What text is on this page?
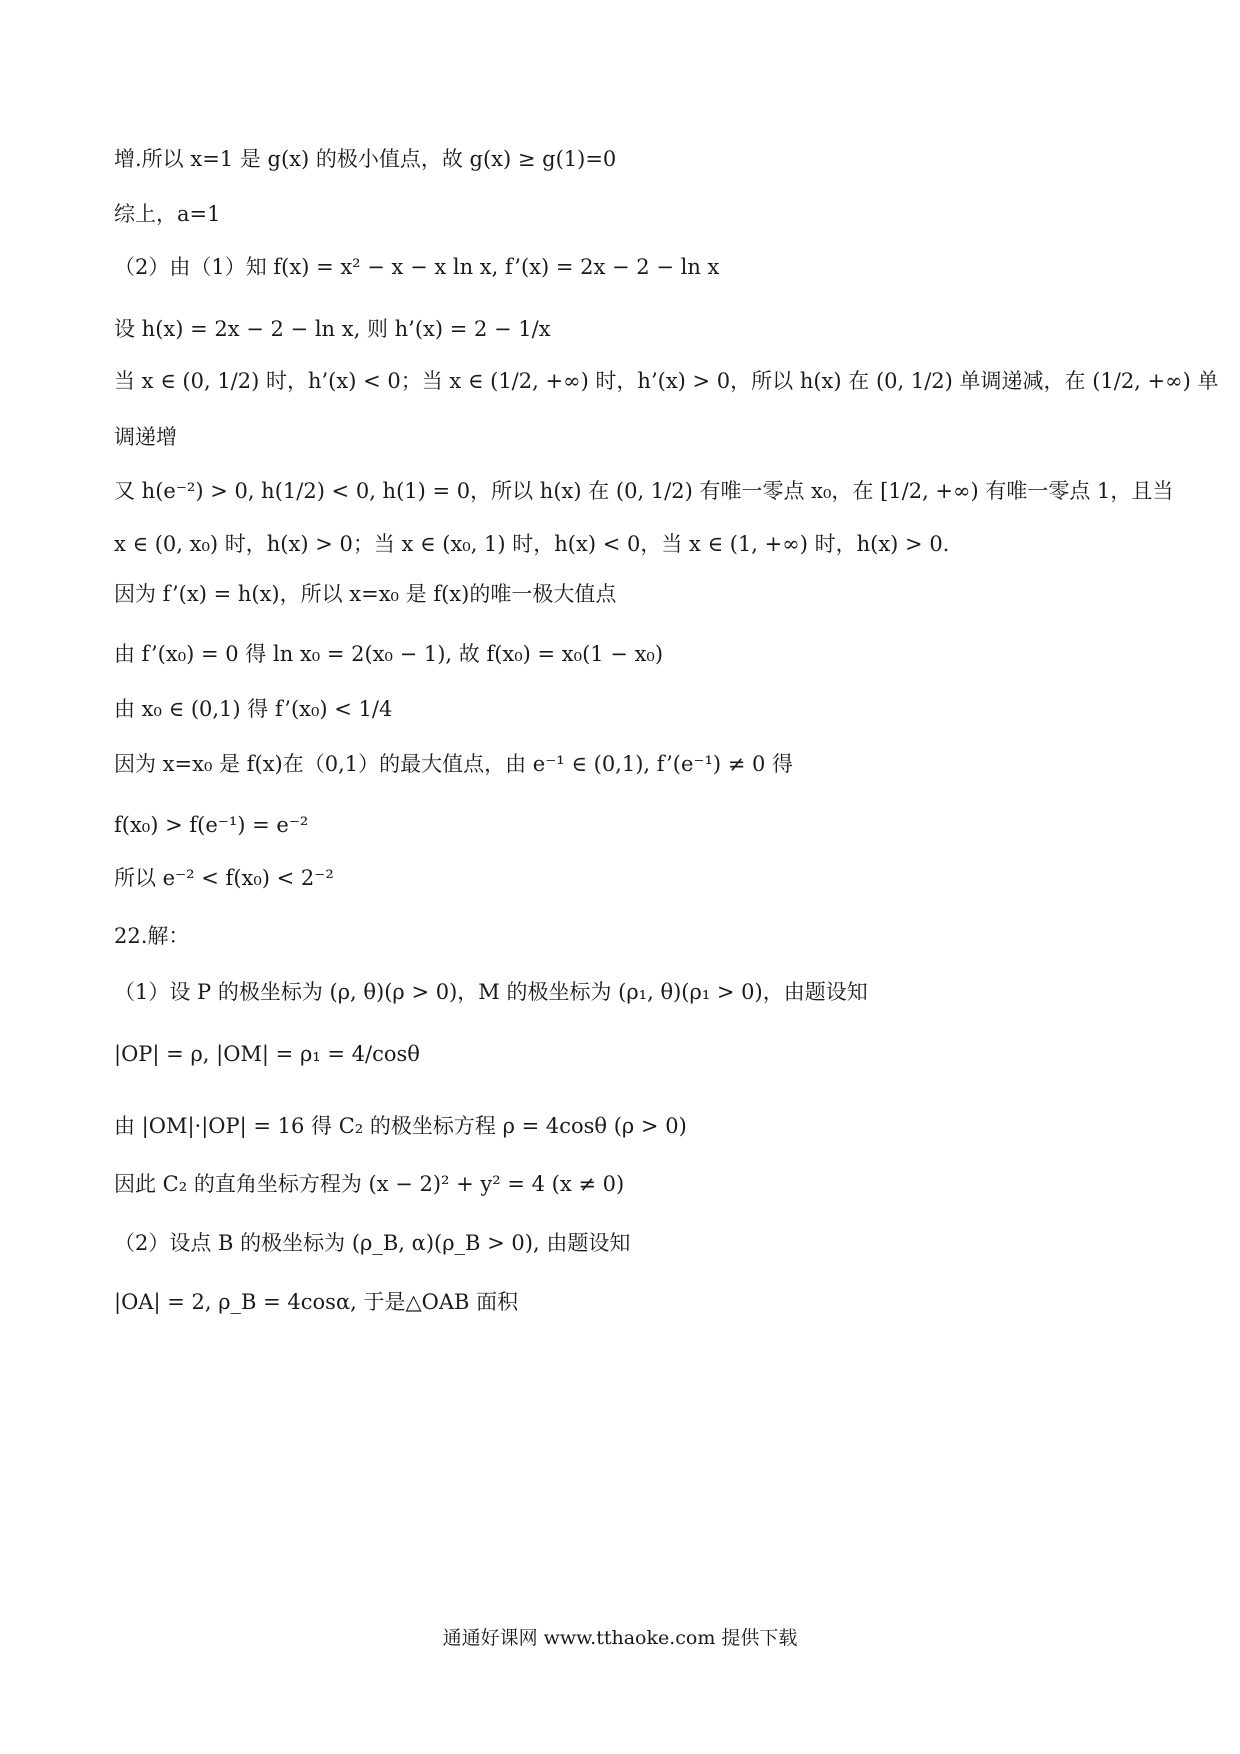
增.所以 x=1 是 g(x) 的极小值点，故 g(x) ≥ g(1)=0
综上，a=1
（2）由（1）知 f(x) = x² − x − x ln x, f’(x) = 2x − 2 − ln x
设 h(x) = 2x − 2 − ln x, 则 h’(x) = 2 − 1/x
当 x ∈ (0, 1/2) 时，h’(x) < 0；当 x ∈ (1/2, +∞) 时，h’(x) > 0，所以 h(x) 在 (0, 1/2) 单调递减，在 (1/2, +∞) 单
调递增
又 h(e⁻²) > 0, h(1/2) < 0, h(1) = 0，所以 h(x) 在 (0, 1/2) 有唯一零点 x₀，在 [1/2, +∞) 有唯一零点 1，且当
x ∈ (0, x₀) 时，h(x) > 0；当 x ∈ (x₀, 1) 时，h(x) < 0，当 x ∈ (1, +∞) 时，h(x) > 0.
因为 f’(x) = h(x)，所以 x=x₀ 是 f(x)的唯一极大值点
由 f’(x₀) = 0 得 ln x₀ = 2(x₀ − 1), 故 f(x₀) = x₀(1 − x₀)
由 x₀ ∈ (0,1) 得 f’(x₀) < 1/4
因为 x=x₀ 是 f(x)在（0,1）的最大值点，由 e⁻¹ ∈ (0,1), f’(e⁻¹) ≠ 0 得
f(x₀) > f(e⁻¹) = e⁻²
所以 e⁻² < f(x₀) < 2⁻²
22.解：
（1）设 P 的极坐标为 (ρ, θ)(ρ > 0)，M 的极坐标为 (ρ₁, θ)(ρ₁ > 0)，由题设知
|OP| = ρ, |OM| = ρ₁ = 4/cosθ
由 |OM|·|OP| = 16 得 C₂ 的极坐标方程 ρ = 4cosθ (ρ > 0)
因此 C₂ 的直角坐标方程为 (x − 2)² + y² = 4 (x ≠ 0)
（2）设点 B 的极坐标为 (ρ_B, α)(ρ_B > 0), 由题设知
|OA| = 2, ρ_B = 4cosα, 于是△OAB 面积
通通好课网 www.tthaoke.com 提供下载
